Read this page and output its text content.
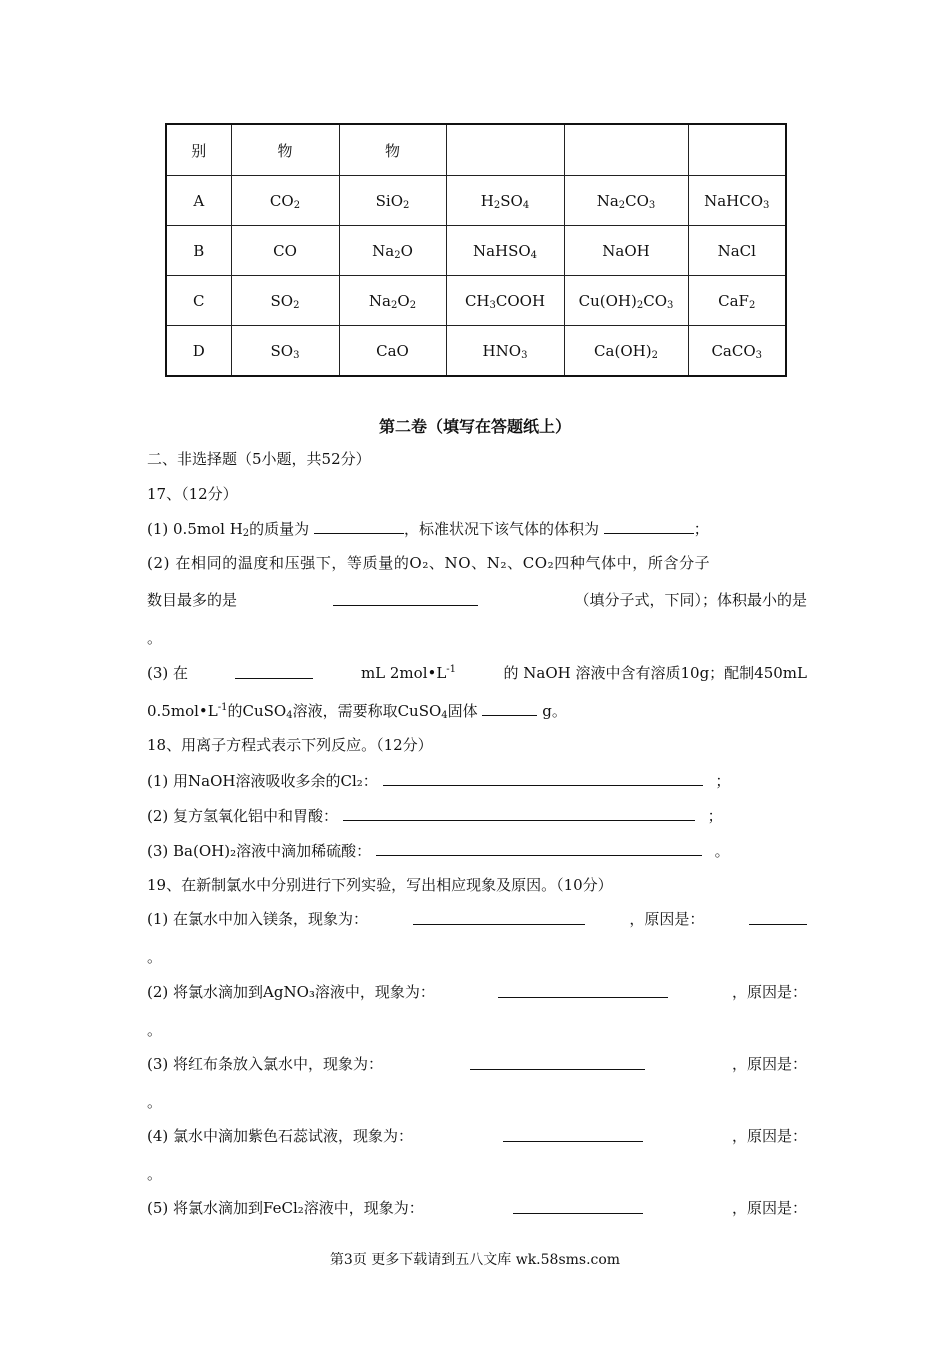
别	物	物			
A	$CO_2$	SiO$_2$	$H_2SO_4$	$Na_2CO_3$	NaHCO$_3$
B	CO	$Na_2O$	NaHSO$_4$	NaOH	NaCl
C	$SO_2$	$Na_2O_2$	$CH_3COOH$	$Cu(OH)_2CO_3$	CaF$_2$
D	$SO_3$	CaO	$HNO_3$	$Ca(OH)_2$	CaCO$_3$
第二卷（填写在答题纸上）
二、非选择题（5小题，共52分）
17、（12分）
(1) 0.5mol $H_2$的质量为	，标准状况下该气体的体积为	；
(2) 在相同的温度和压强下，等质量的O₂、NO、N₂、CO₂四种气体中，所含分子
数目最多的是	（填分子式，下同）；体积最小的是
。
(3) 在	mL $2mol•L^{-1}$	的 NaOH 溶液中含有溶质10g；配制450mL
$0.5mol•L^{-1}$的CuSO$_4$溶液，需要称取CuSO$_4$固体	g。
18、用离子方程式表示下列反应。（12分）
(1) 用NaOH溶液吸收多余的Cl₂：	；
(2) 复方氢氧化铝中和胃酸：	；
(3) Ba(OH)₂溶液中滴加稀硫酸：	。
19、在新制氯水中分别进行下列实验，写出相应现象及原因。（10分）
(1) 在氯水中加入镁条，现象为：	，原因是：
。
(2) 将氯水滴加到AgNO₃溶液中，现象为：	，原因是：
。
(3) 将红布条放入氯水中，现象为：	，原因是：
。
(4) 氯水中滴加紫色石蕊试液，现象为：	，原因是：
。
(5) 将氯水滴加到FeCl₂溶液中，现象为：	，原因是：
第3页 更多下载请到五八文库 wk.58sms.com
